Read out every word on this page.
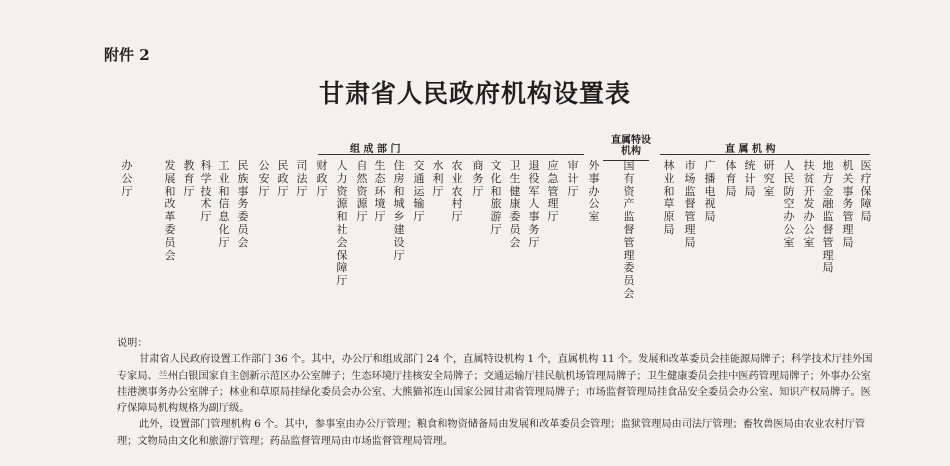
附件 2
甘肃省人民政府机构设置表
组 成 部 门
直属特设
机构	直 属 机 构
办公厅
发展和改革委员会
教育厅
科学技术厅
工业和信息化厅
民族事务委员会
公安厅
民政厅
司法厅
财政厅
人力资源和社会保障厅
自然资源厅
生态环境厅
住房和城乡建设厅
交通运输厅
水利厅
农业农村厅
商务厅
文化和旅游厅
卫生健康委员会
退役军人事务厅
应急管理厅
审计厅
外事办公室
国有资产监督管理委员会
林业和草原局
市场监督管理局
广播电视局
体育局
统计局
研究室
人民防空办公室
扶贫开发办公室
地方金融监督管理局
机关事务管理局
医疗保障局

说明：

甘肃省人民政府设置工作部门 36 个。其中，办公厅和组成部门 24 个，直属特设机构 1 个，直属机构 11 个。发展和改革委员会挂能源局牌子；科学技术厅挂外国专家局、兰州白银国家自主创新示范区办公室牌子；生态环境厅挂核安全局牌子；交通运输厅挂民航机场管理局牌子；卫生健康委员会挂中医药管理局牌子；外事办公室挂港澳事务办公室牌子；林业和草原局挂绿化委员会办公室、大熊猫祁连山国家公园甘肃省管理局牌子；市场监督管理局挂食品安全委员会办公室、知识产权局牌子。医疗保障局机构规格为副厅级。

此外，设置部门管理机构 6 个。其中，参事室由办公厅管理；粮食和物资储备局由发展和改革委员会管理；监狱管理局由司法厅管理；畜牧兽医局由农业农村厅管理；文物局由文化和旅游厅管理；药品监督管理局由市场监督管理局管理。
